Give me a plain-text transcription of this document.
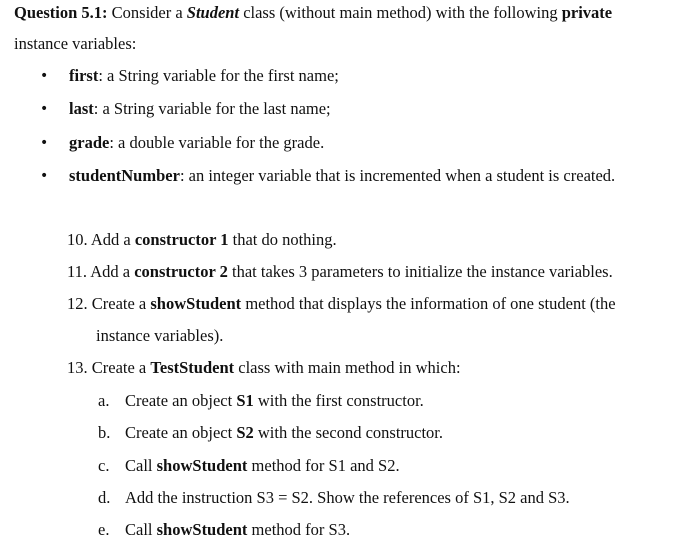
Question 5.1: Consider a Student class (without main method) with the following private
instance variables:
•	first: a String variable for the first name;
•	last: a String variable for the last name;
•	grade: a double variable for the grade.
•	studentNumber: an integer variable that is incremented when a student is created.
10. Add a constructor 1 that do nothing.
11. Add a constructor 2 that takes 3 parameters to initialize the instance variables.
12. Create a showStudent method that displays the information of one student (the
instance variables).
13. Create a TestStudent class with main method in which:
a. Create an object S1 with the first constructor.
b. Create an object S2 with the second constructor.
c. Call showStudent method for S1 and S2.
d. Add the instruction S3 = S2. Show the references of S1, S2 and S3.
e. Call showStudent method for S3.
